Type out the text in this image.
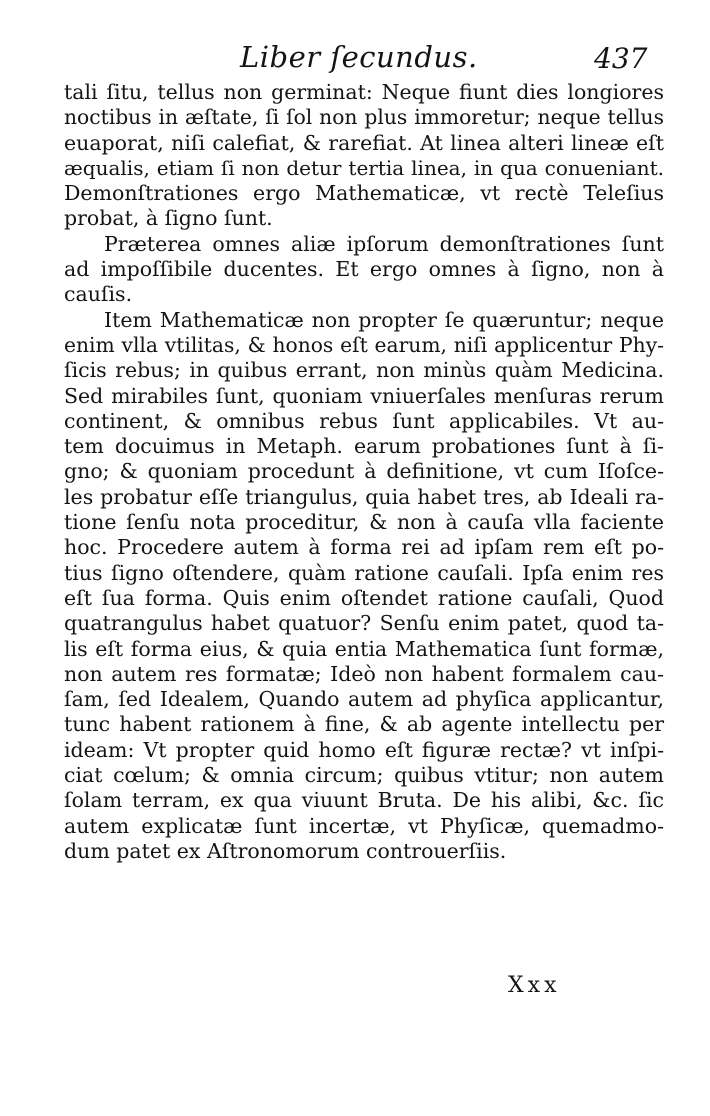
Liber ſecundus.	437
tali ſitu, tellus non germinat: Neque fiunt dies longiores
noctibus in æſtate, ſi ſol non plus immoretur; neque tellus
euaporat, niſi calefiat, & rarefiat. At linea alteri lineæ eſt
æqualis, etiam ſi non detur tertia linea, in qua conueniant.
Demonſtrationes ergo Mathematicæ, vt rectè Teleſius
probat, à ſigno ſunt.
Præterea omnes aliæ ipſorum demonſtrationes ſunt
ad impoſſibile ducentes. Et ergo omnes à ſigno, non à
cauſis.
Item Mathematicæ non propter ſe quæruntur; neque
enim vlla vtilitas, & honos eſt earum, niſi applicentur Phy-
ſicis rebus; in quibus errant, non minùs quàm Medicina.
Sed mirabiles ſunt, quoniam vniuerſales menſuras rerum
continent, & omnibus rebus ſunt applicabiles. Vt au-
tem docuimus in Metaph. earum probationes ſunt à ſi-
gno; & quoniam procedunt à definitione, vt cum Iſoſce-
les probatur eſſe triangulus, quia habet tres, ab Ideali ra-
tione ſenſu nota proceditur, & non à cauſa vlla faciente
hoc. Procedere autem à forma rei ad ipſam rem eſt po-
tius ſigno oſtendere, quàm ratione cauſali. Ipſa enim res
eſt ſua forma. Quis enim oſtendet ratione cauſali, Quod
quatrangulus habet quatuor? Senſu enim patet, quod ta-
lis eſt forma eius, & quia entia Mathematica ſunt formæ,
non autem res formatæ; Ideò non habent formalem cau-
ſam, ſed Idealem, Quando autem ad phyſica applicantur,
tunc habent rationem à fine, & ab agente intellectu per
ideam: Vt propter quid homo eſt figuræ rectæ? vt inſpi-
ciat cœlum; & omnia circum; quibus vtitur; non autem
ſolam terram, ex qua viuunt Bruta. De his alibi, &c. ſic
autem explicatæ ſunt incertæ, vt Phyſicæ, quemadmo-
dum patet ex Aſtronomorum controuerſiis.
Xxx
